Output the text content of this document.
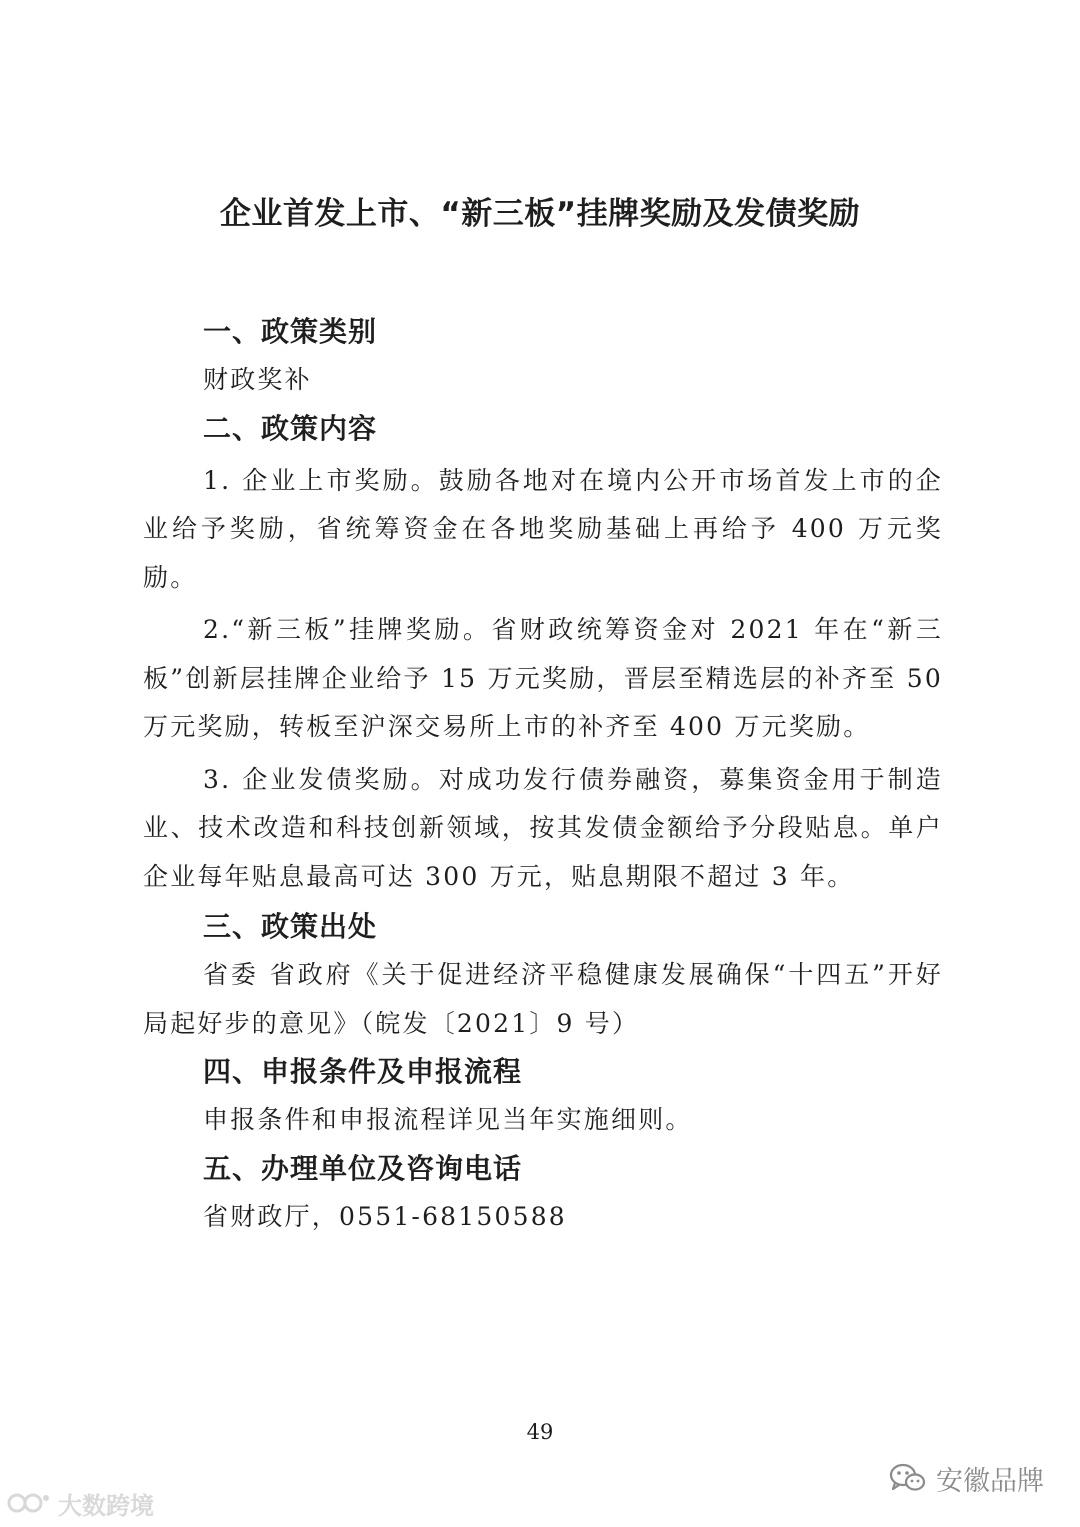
企业首发上市、“新三板”挂牌奖励及发债奖励
一、政策类别

财政奖补

二、政策内容

1. 企业上市奖励。鼓励各地对在境内公开市场首发上市的企业给予奖励，省统筹资金在各地奖励基础上再给予 400 万元奖励。

2.“新三板”挂牌奖励。省财政统筹资金对 2021 年在“新三板”创新层挂牌企业给予 15 万元奖励，晋层至精选层的补齐至 50 万元奖励，转板至沪深交易所上市的补齐至 400 万元奖励。

3. 企业发债奖励。对成功发行债券融资，募集资金用于制造业、技术改造和科技创新领域，按其发债金额给予分段贴息。单户企业每年贴息最高可达 300 万元，贴息期限不超过 3 年。

三、政策出处

省委 省政府《关于促进经济平稳健康发展确保“十四五”开好局起好步的意见》（皖发〔2021〕9 号）

四、申报条件及申报流程

申报条件和申报流程详见当年实施细则。

五、办理单位及咨询电话

省财政厅，0551-68150588

49
大数跨境
安徽品牌
